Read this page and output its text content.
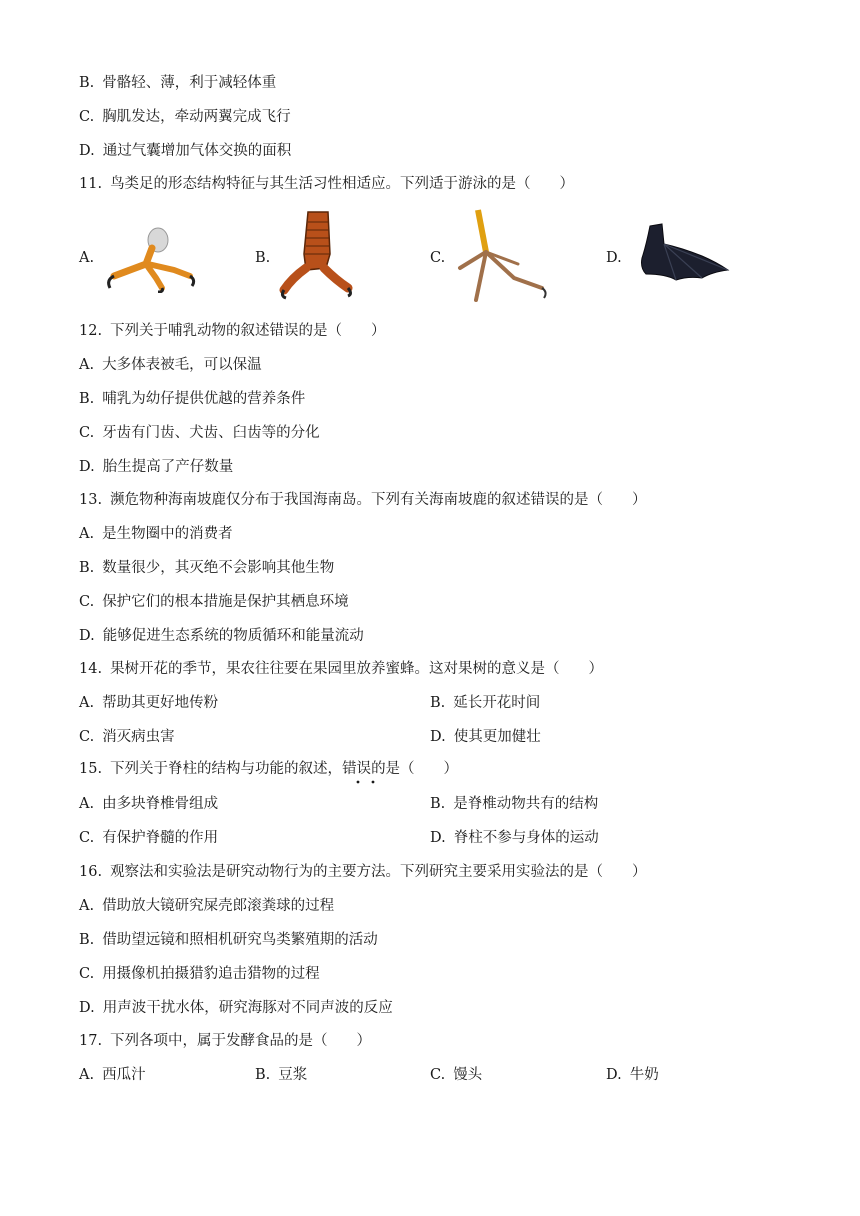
B. 骨骼轻、薄，利于减轻体重
C. 胸肌发达，牵动两翼完成飞行
D. 通过气囊增加气体交换的面积
11. 鸟类足的形态结构特征与其生活习性相适应。下列适于游泳的是（　　）
A.	B.	C.	D.
12. 下列关于哺乳动物的叙述错误的是（　　）
A. 大多体表被毛，可以保温
B. 哺乳为幼仔提供优越的营养条件
C. 牙齿有门齿、犬齿、臼齿等的分化
D. 胎生提高了产仔数量
13. 濒危物种海南坡鹿仅分布于我国海南岛。下列有关海南坡鹿的叙述错误的是（　　）
A. 是生物圈中的消费者
B. 数量很少，其灭绝不会影响其他生物
C. 保护它们的根本措施是保护其栖息环境
D. 能够促进生态系统的物质循环和能量流动
14. 果树开花的季节，果农往往要在果园里放养蜜蜂。这对果树的意义是（　　）
A. 帮助其更好地传粉	B. 延长开花时间
C. 消灭病虫害	D. 使其更加健壮
15. 下列关于脊柱的结构与功能的叙述，错误的是（　　）
A. 由多块脊椎骨组成	B. 是脊椎动物共有的结构
C. 有保护脊髓的作用	D. 脊柱不参与身体的运动
16. 观察法和实验法是研究动物行为的主要方法。下列研究主要采用实验法的是（　　）
A. 借助放大镜研究屎壳郎滚粪球的过程
B. 借助望远镜和照相机研究鸟类繁殖期的活动
C. 用摄像机拍摄猎豹追击猎物的过程
D. 用声波干扰水体，研究海豚对不同声波的反应
17. 下列各项中，属于发酵食品的是（　　）
A. 西瓜汁	B. 豆浆	C. 馒头	D. 牛奶
